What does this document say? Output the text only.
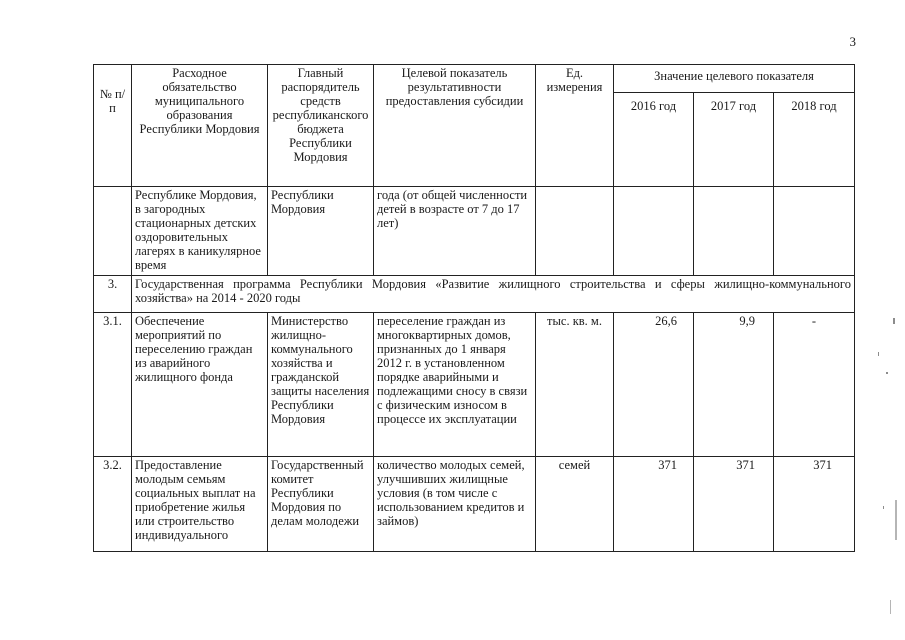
3
№ п/п	Расходное обязательство муниципального образования Республики Мордовия	Главный распорядитель средств республиканского бюджета Республики Мордовия	Целевой показатель результативности предоставления субсидии	Ед. измерения	Значение целевого показателя		
					2016 год	2017 год	2018 год
	Республике Мордовия, в загородных стационарных детских оздоровительных лагерях в каникулярное время	Республики Мордовия	года (от общей численности детей в возрасте от 7 до 17 лет)				
3.	Государственная программа Республики Мордовия «Развитие жилищного строительства и сферы жилищно-коммунального хозяйства» на 2014 - 2020 годы						
3.1.	Обеспечение мероприятий по переселению граждан из аварийного жилищного фонда	Министерство жилищно-коммунального хозяйства и гражданской защиты населения Республики Мордовия	переселение граждан из многоквартирных домов, признанных до 1 января 2012 г. в установленном порядке аварийными и подлежащими сносу в связи с физическим износом в процессе их эксплуатации	тыс. кв. м.	26,6	9,9	-
3.2.	Предоставление молодым семьям социальных выплат на приобретение жилья или строительство индивидуального	Государственный комитет Республики Мордовия по делам молодежи	количество молодых семей, улучшивших жилищные условия (в том числе с использованием кредитов и займов)	семей	371	371	371
